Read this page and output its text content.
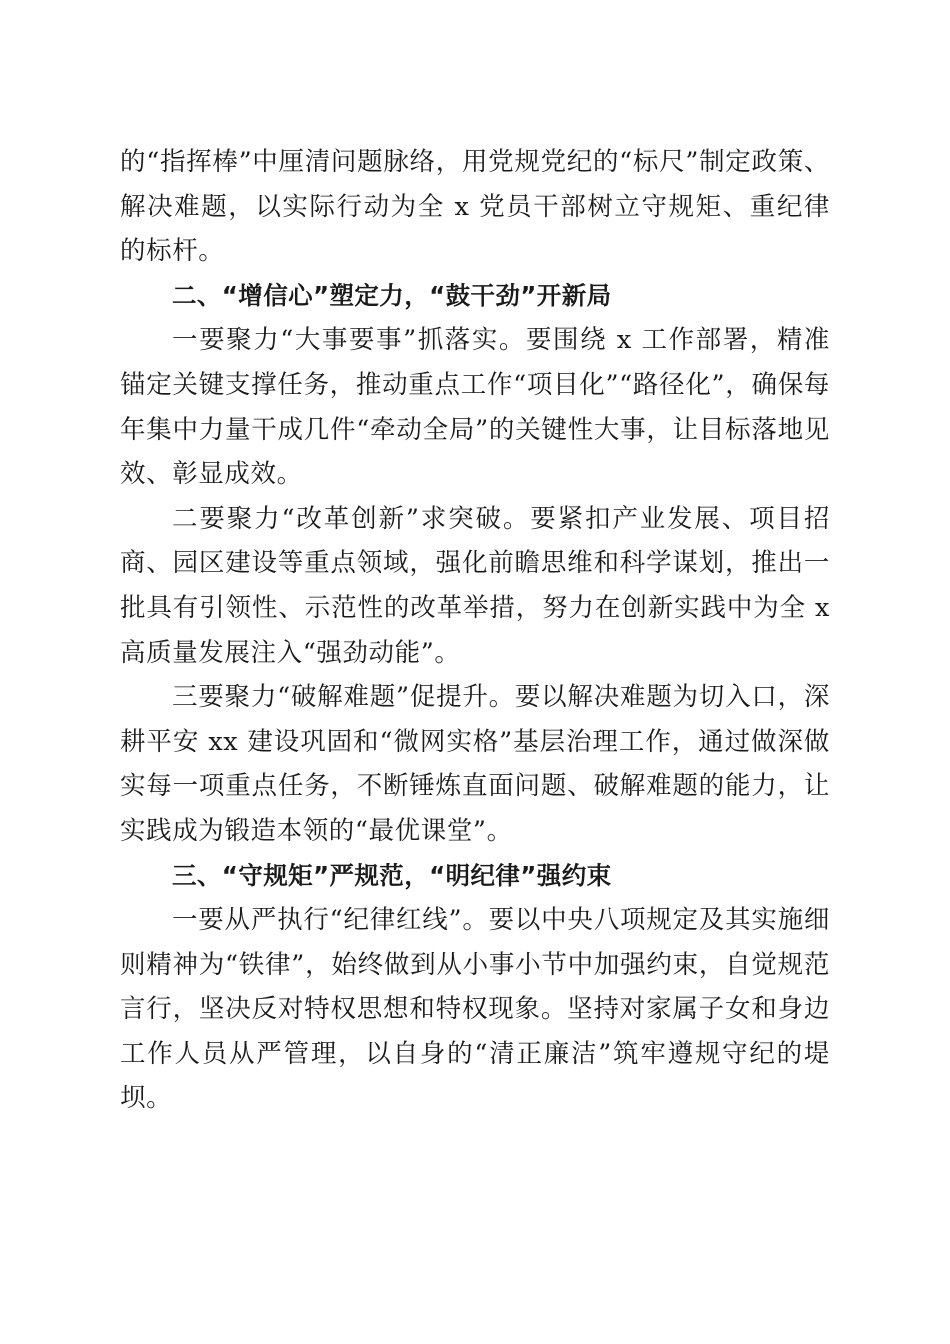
的“指挥棒”中厘清问题脉络，用党规党纪的“标尺”制定政策、解决难题，以实际行动为全 x 党员干部树立守规矩、重纪律的标杆。

二、“增信心”塑定力，“鼓干劲”开新局

一要聚力“大事要事”抓落实。要围绕 x 工作部署，精准锚定关键支撑任务，推动重点工作“项目化”“路径化”，确保每年集中力量干成几件“牵动全局”的关键性大事，让目标落地见效、彰显成效。

二要聚力“改革创新”求突破。要紧扣产业发展、项目招商、园区建设等重点领域，强化前瞻思维和科学谋划，推出一批具有引领性、示范性的改革举措，努力在创新实践中为全 x 高质量发展注入“强劲动能”。

三要聚力“破解难题”促提升。要以解决难题为切入口，深耕平安 xx 建设巩固和“微网实格”基层治理工作，通过做深做实每一项重点任务，不断锤炼直面问题、破解难题的能力，让实践成为锻造本领的“最优课堂”。

三、“守规矩”严规范，“明纪律”强约束

一要从严执行“纪律红线”。要以中央八项规定及其实施细则精神为“铁律”，始终做到从小事小节中加强约束，自觉规范言行，坚决反对特权思想和特权现象。坚持对家属子女和身边工作人员从严管理，以自身的“清正廉洁”筑牢遵规守纪的堤坝。
